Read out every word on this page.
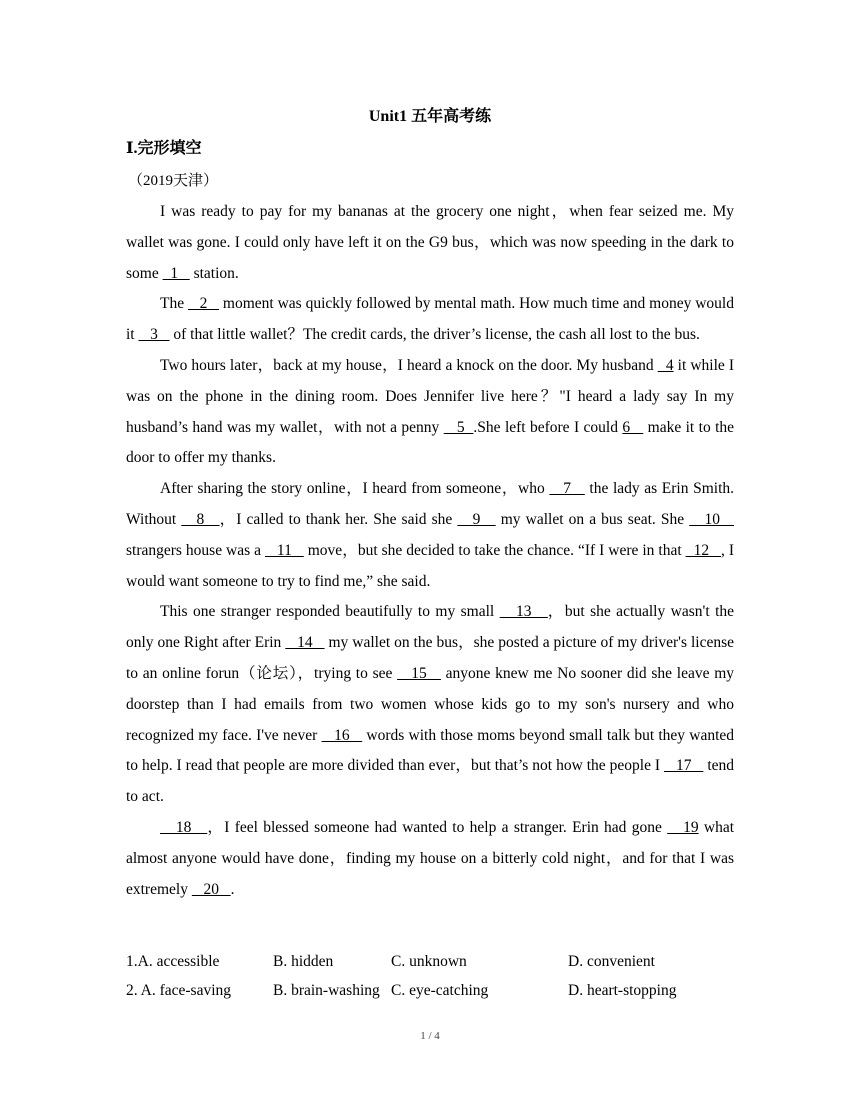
Unit1 五年高考练
Ⅰ.完形填空
（2019天津）

I was ready to pay for my bananas at the grocery one night，when fear seized me. My wallet was gone. I could only have left it on the G9 bus，which was now speeding in the dark to some   1    station.

The    2    moment was quickly followed by mental math. How much time and money would it    3    of that little wallet？The credit cards, the driver’s license, the cash all lost to the bus.

Two hours later，back at my house，I heard a knock on the door. My husband   4 it while I was on the phone in the dining room. Does Jennifer live here？"I heard a lady say In my husband’s hand was my wallet，with not a penny    5  .She left before I could 6    make it to the door to offer my thanks.

After sharing the story online，I heard from someone，who    7    the lady as Erin Smith. Without    8   ，I called to thank her. She said she    9    my wallet on a bus seat. She    10    strangers house was a    11    move，but she decided to take the chance. “If I were in that   12   , I would want someone to try to find me,” she said.

This one stranger responded beautifully to my small    13   ，but she actually wasn't the only one Right after Erin    14    my wallet on the bus，she posted a picture of my driver's license to an online forun（论坛），trying to see    15    anyone knew me No sooner did she leave my doorstep than I had emails from two women whose kids go to my son's nursery and who recognized my face. I've never    16    words with those moms beyond small talk but they wanted to help. I read that people are more divided than ever，but that’s not how the people I    17    tend to act.

18   ，I feel blessed someone had wanted to help a stranger. Erin had gone    19 what almost anyone would have done，finding my house on a bitterly cold night，and for that I was extremely    20   .

1.A. accessible	B. hidden	C. unknown	D. convenient
2. A. face-saving	B. brain-washing C. eye-catching	D. heart-stopping
1 / 4
